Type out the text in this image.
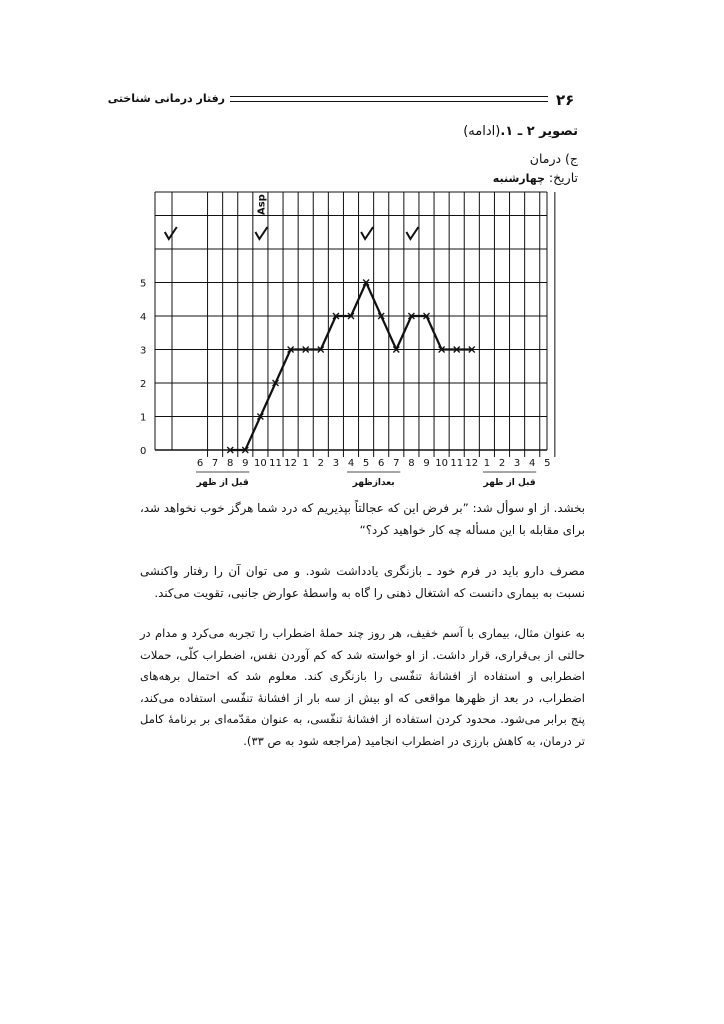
۲۶
رفتار درمانی شناختی
تصویر ۲ ـ ۱.(ادامه)
ج) درمان
تاریخ: چهارشنبه
0
1
2
3
4
5
6 7 8 9 10 11 12 1 2 3 4 5 6 7 8 9 10 11 12 1 2 3 4 5
قبل از ظهر	بعدازظهر	قبل از ظهر
Asp
بخشد. از او سوأل شد: ”بر فرض این که عجالتاً بپذیریم که درد شما هرگز خوب نخواهد شد، برای مقابله با این مسأله چه کار خواهید کرد؟“
مصرف دارو باید در فرم خود ـ بازنگری یادداشت شود. و می توان آن را رفتار واکنشی نسبت به بیماری دانست که اشتغال ذهنی را گاه به واسطهٔ عوارض جانبی، تقویت می‌کند.
به عنوان مثال، بیماری با آسم خفیف، هر روز چند حملهٔ اضطراب را تجربه می‌کرد و مدام در حالتی از بی‌قراری، قرار داشت. از او خواسته شد که کم آوردن نفس، اضطراب کلّی، حملات اضطرابی و استفاده از افشانهٔ تنفّسی را بازنگری کند. معلوم شد که احتمال برهه‌های اضطراب، در بعد از ظهرها مواقعی که او بیش از سه بار از افشانهٔ تنفّسی استفاده می‌کند، پنج برابر می‌شود. محدود کردن استفاده از افشانهٔ تنفّسی، به عنوان مقدّمه‌ای بر برنامهٔ کامل تر درمان، به کاهش بارزی در اضطراب انجامید (مراجعه شود به ص ۳۳).
